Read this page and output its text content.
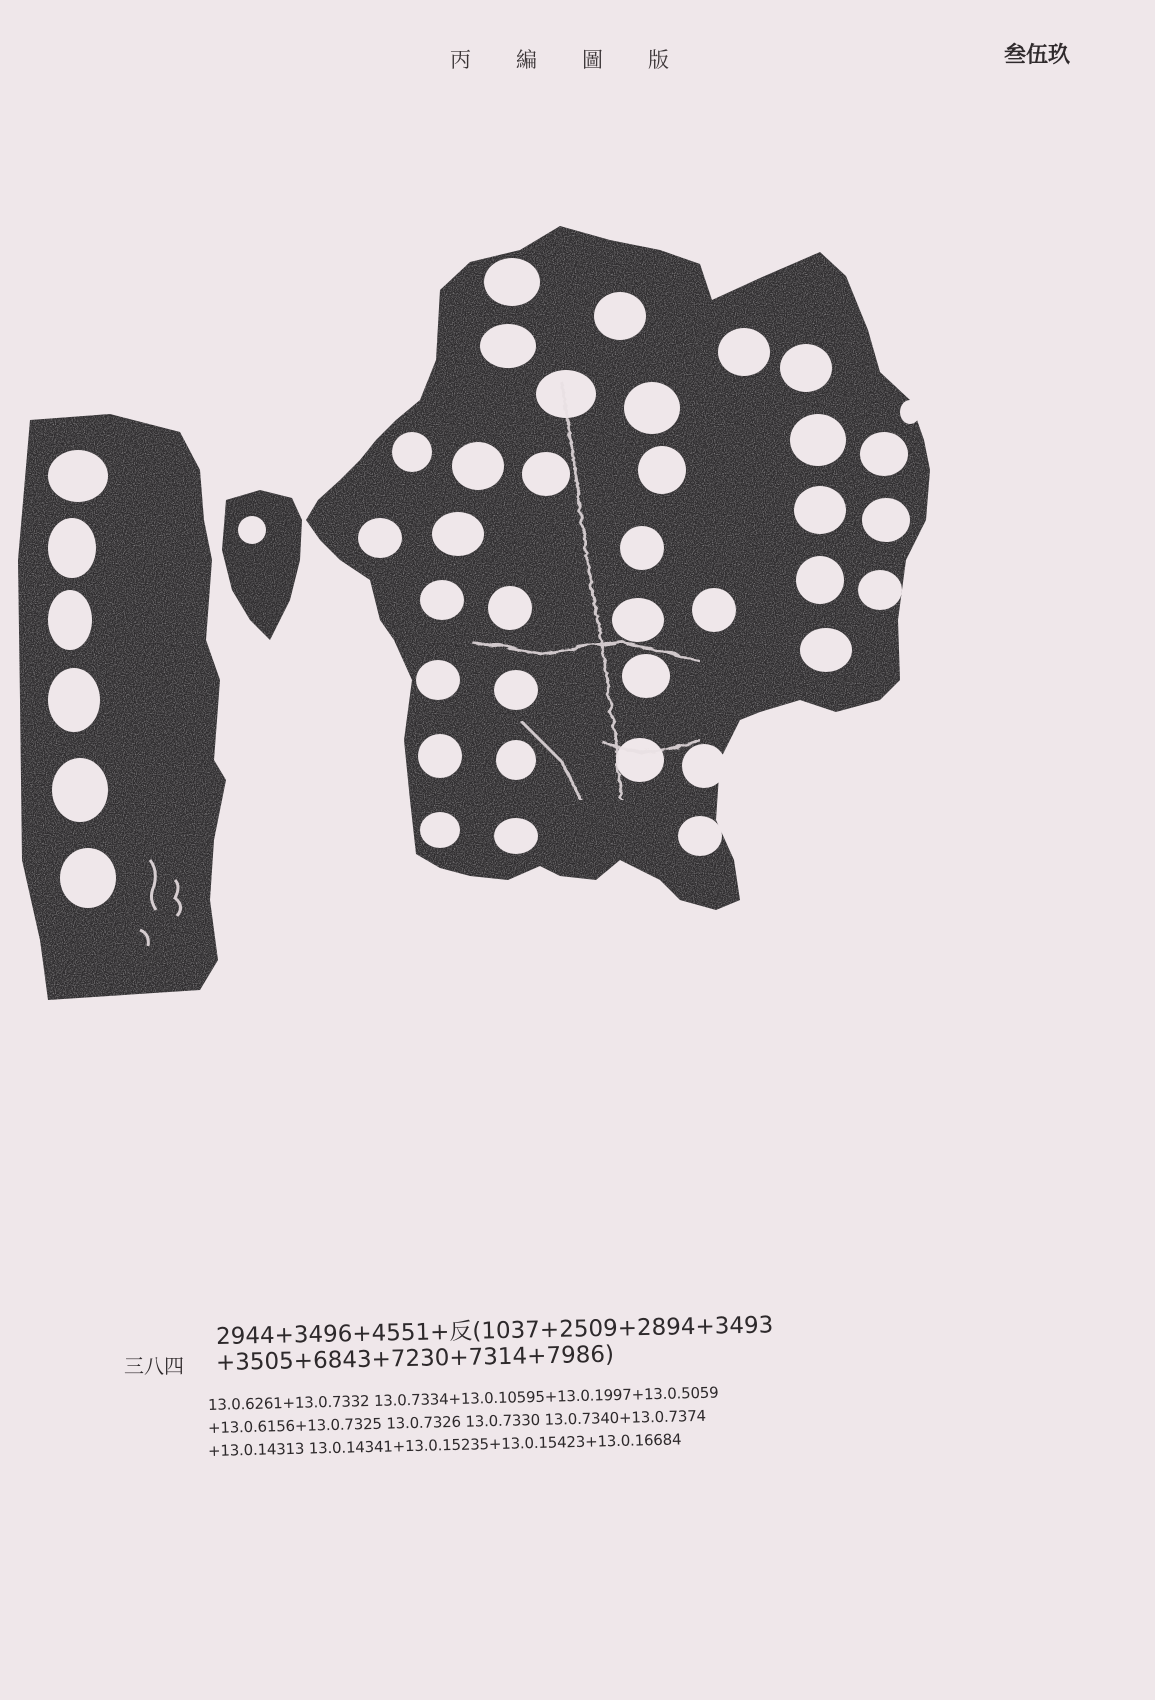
丙 編 圖 版	叁伍玖
三八四
2944+3496+4551+反(1037+2509+2894+3493
+3505+6843+7230+7314+7986)
13.0.6261+13.0.7332 13.0.7334+13.0.10595+13.0.1997+13.0.5059
+13.0.6156+13.0.7325 13.0.7326 13.0.7330 13.0.7340+13.0.7374
+13.0.14313 13.0.14341+13.0.15235+13.0.15423+13.0.16684
